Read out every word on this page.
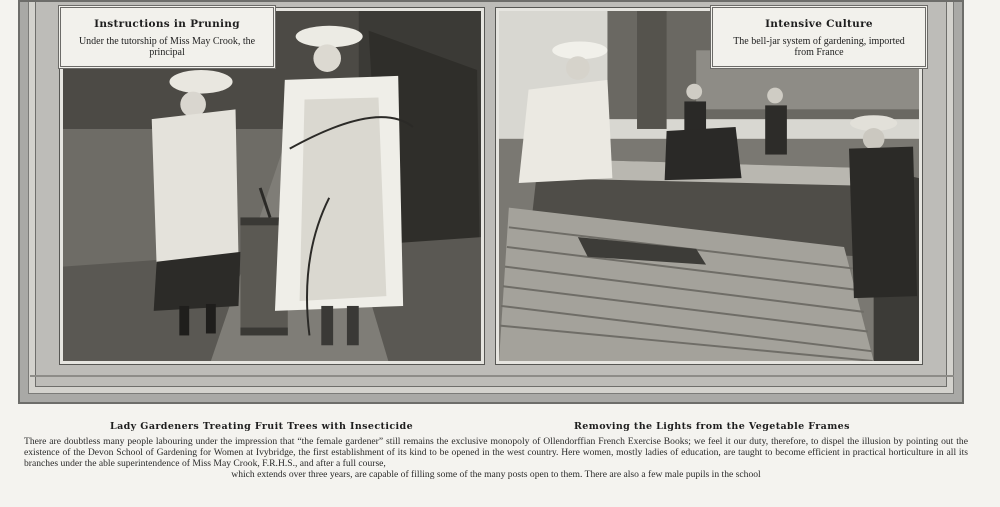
Instructions in Pruning
Under the tutorship of Miss May Crook, the principal
Intensive Culture
The bell-jar system of gardening, imported from France
Lady Gardeners Treating Fruit Trees with Insecticide	Removing the Lights from the Vegetable Frames

There are doubtless many people labouring under the impression that “the female gardener” still remains the exclusive monopoly of Ollendorffian French Exercise Books; we feel it our duty, therefore, to dispel the illusion by pointing out the existence of the Devon School of Gardening for Women at Ivybridge, the first establishment of its kind to be opened in the west country. Here women, mostly ladies of education, are taught to become efficient in practical horticulture in all its branches under the able superintendence of Miss May Crook, F.R.H.S., and after a full course,

which extends over three years, are capable of filling some of the many posts open to them. There are also a few male pupils in the school
